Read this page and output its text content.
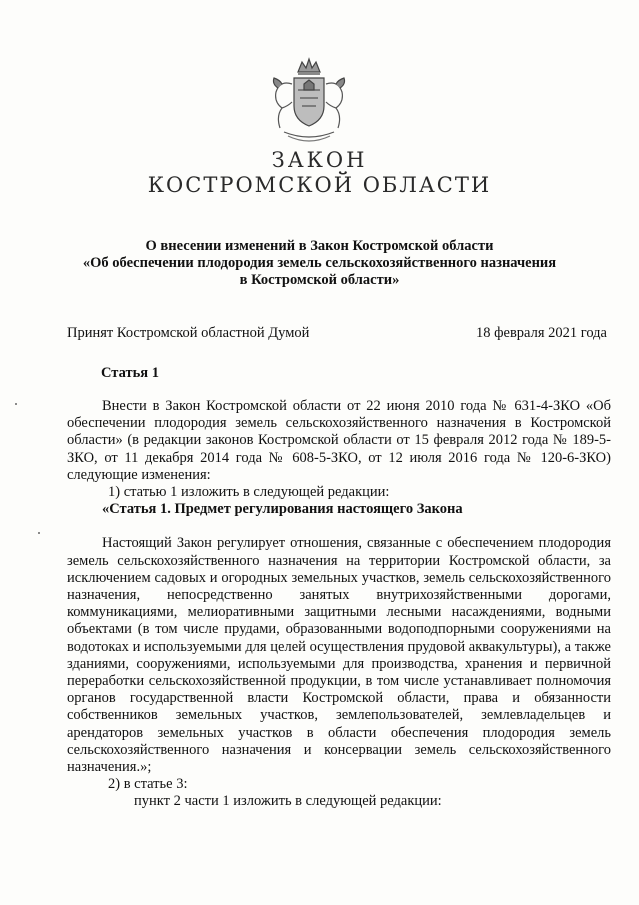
ЗАКОН
КОСТРОМСКОЙ ОБЛАСТИ
О внесении изменений в Закон Костромской области
«Об обеспечении плодородия земель сельскохозяйственного назначения
в Костромской области»
Принят Костромской областной Думой	18 февраля 2021 года
Статья 1

Внести в Закон Костромской области от 22 июня 2010 года № 631-4-ЗКО «Об обеспечении плодородия земель сельскохозяйственного назначения в Костромской области» (в редакции законов Костромской области от 15 февраля 2012 года № 189-5-ЗКО, от 11 декабря 2014 года № 608-5-ЗКО, от 12 июля 2016 года № 120-6-ЗКО) следующие изменения:

1) статью 1 изложить в следующей редакции:

«Статья 1. Предмет регулирования настоящего Закона

Настоящий Закон регулирует отношения, связанные с обеспечением плодородия земель сельскохозяйственного назначения на территории Костромской области, за исключением садовых и огородных земельных участков, земель сельскохозяйственного назначения, непосредственно занятых внутрихозяйственными дорогами, коммуникациями, мелиоративными защитными лесными насаждениями, водными объектами (в том числе прудами, образованными водоподпорными сооружениями на водотоках и используемыми для целей осуществления прудовой аквакультуры), а также зданиями, сооружениями, используемыми для производства, хранения и первичной переработки сельскохозяйственной продукции, в том числе устанавливает полномочия органов государственной власти Костромской области, права и обязанности собственников земельных участков, землепользователей, землевладельцев и арендаторов земельных участков в области обеспечения плодородия земель сельскохозяйственного назначения и консервации земель сельскохозяйственного назначения.»;

2) в статье 3:

пункт 2 части 1 изложить в следующей редакции:
